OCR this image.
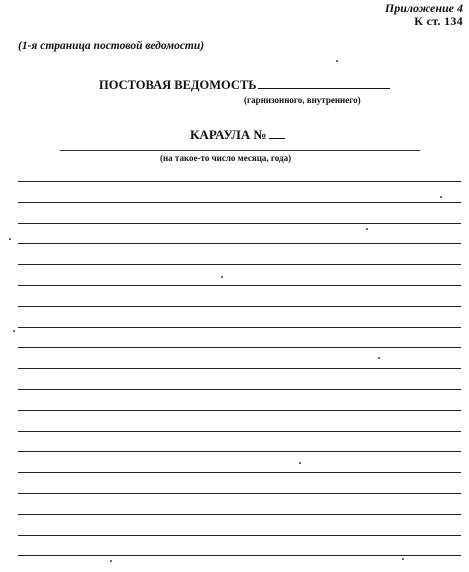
Приложение 4
К ст. 134
(1-я страница постовой ведомости)
ПОСТОВАЯ ВЕДОМОСТЬ
(гарнизонного, внутреннего)
КАРАУЛА №
(на такое-то число месяца, года)
